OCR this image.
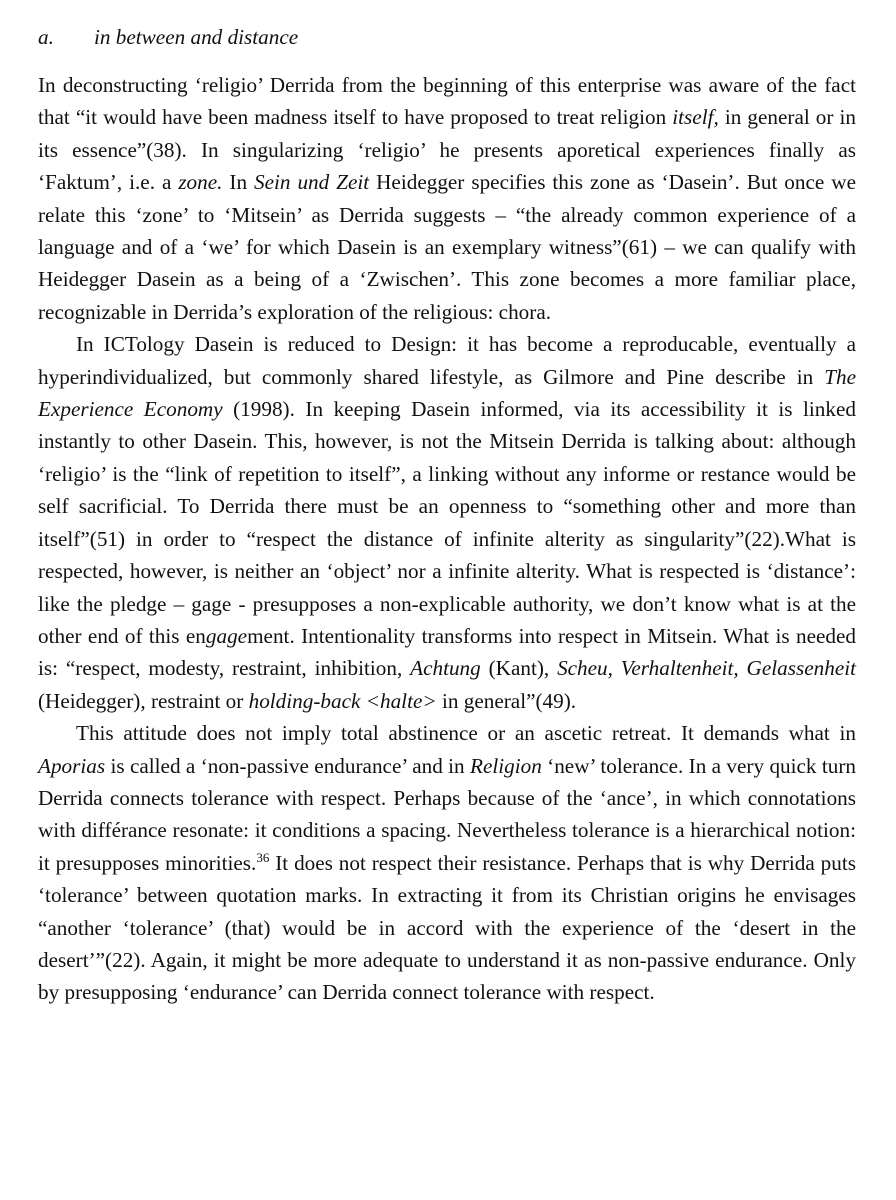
a. in between and distance

In deconstructing ‘religio’ Derrida from the beginning of this enterprise was aware of the fact that “it would have been madness itself to have proposed to treat religion itself, in general or in its essence”(38). In singularizing ‘religio’ he presents aporetical experiences finally as ‘Faktum’, i.e. a zone. In Sein und Zeit Heidegger specifies this zone as ‘Dasein’. But once we relate this ‘zone’ to ‘Mitsein’ as Derrida suggests – “the already common experience of a language and of a ‘we’ for which Dasein is an exemplary witness”(61) – we can qualify with Heidegger Dasein as a being of a ‘Zwischen’. This zone becomes a more familiar place, recognizable in Derrida’s exploration of the religious: chora.

In ICTology Dasein is reduced to Design: it has become a reproducable, eventually a hyperindividualized, but commonly shared lifestyle, as Gilmore and Pine describe in The Experience Economy (1998). In keeping Dasein informed, via its accessibility it is linked instantly to other Dasein. This, however, is not the Mitsein Derrida is talking about: although ‘religio’ is the “link of repetition to itself”, a linking without any informe or restance would be self sacrificial. To Derrida there must be an openness to “something other and more than itself”(51) in order to “respect the distance of infinite alterity as singularity”(22).What is respected, however, is neither an ‘object’ nor a infinite alterity. What is respected is ‘distance’: like the pledge – gage - presupposes a non-explicable authority, we don’t know what is at the other end of this engagement. Intentionality transforms into respect in Mitsein. What is needed is: “respect, modesty, restraint, inhibition, Achtung (Kant), Scheu, Verhaltenheit, Gelassenheit (Heidegger), restraint or holding-back <halte> in general”(49).

This attitude does not imply total abstinence or an ascetic retreat. It demands what in Aporias is called a ‘non-passive endurance’ and in Religion ‘new’ tolerance. In a very quick turn Derrida connects tolerance with respect. Perhaps because of the ‘ance’, in which connotations with différance resonate: it conditions a spacing. Nevertheless tolerance is a hierarchical notion: it presupposes minorities.$^{36}$ It does not respect their resistance. Perhaps that is why Derrida puts ‘tolerance’ between quotation marks. In extracting it from its Christian origins he envisages “another ‘tolerance’ (that) would be in accord with the experience of the ‘desert in the desert’”(22). Again, it might be more adequate to understand it as non-passive endurance. Only by presupposing ‘endurance’ can Derrida connect tolerance with respect.
